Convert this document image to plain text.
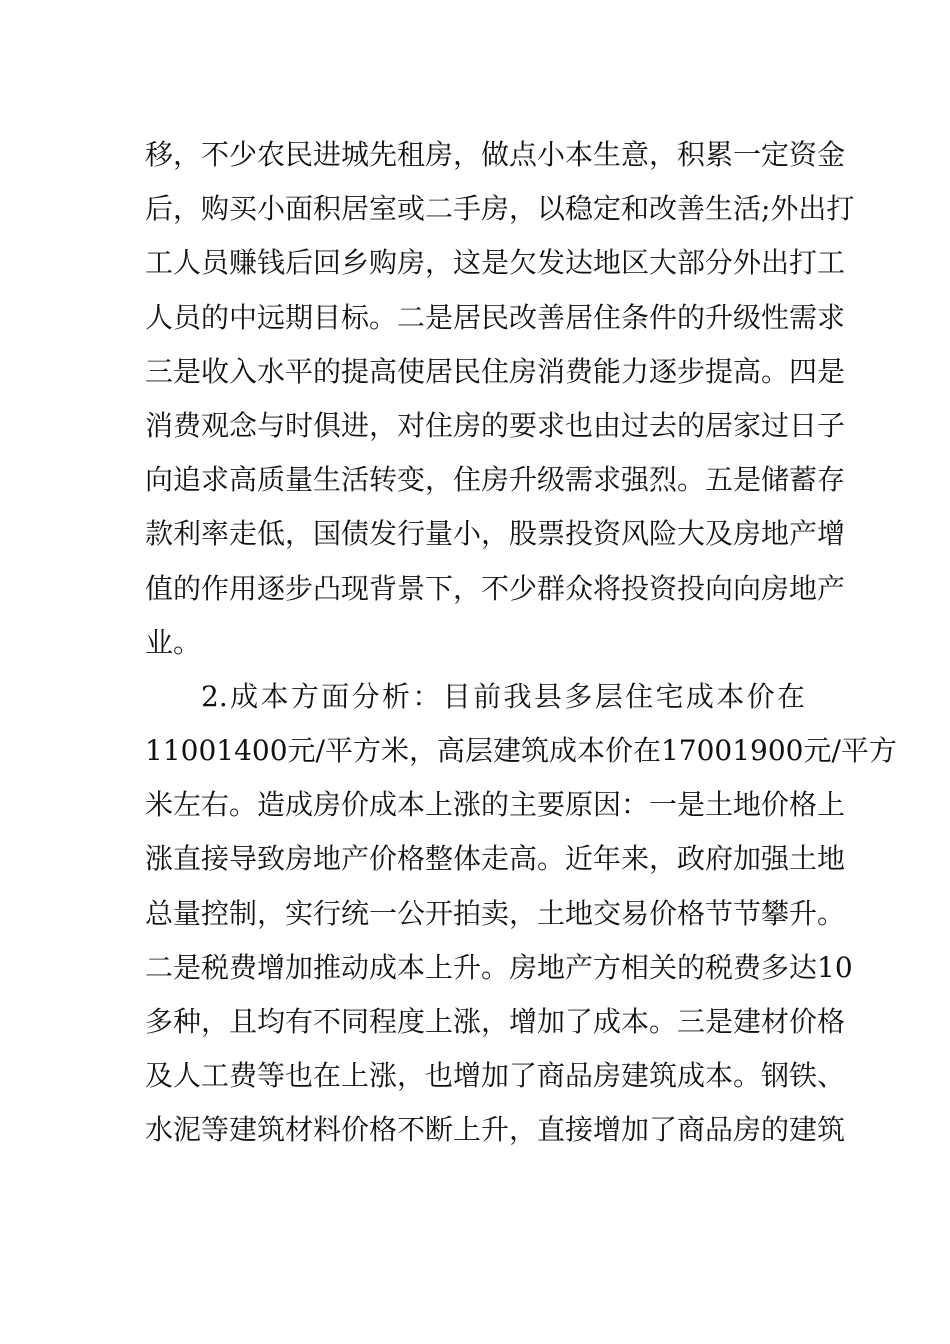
移，不少农民进城先租房，做点小本生意，积累一定资金
后，购买小面积居室或二手房，以稳定和改善生活;外出打
工人员赚钱后回乡购房，这是欠发达地区大部分外出打工
人员的中远期目标。二是居民改善居住条件的升级性需求
三是收入水平的提高使居民住房消费能力逐步提高。四是
消费观念与时俱进，对住房的要求也由过去的居家过日子
向追求高质量生活转变，住房升级需求强烈。五是储蓄存
款利率走低，国债发行量小，股票投资风险大及房地产增
值的作用逐步凸现背景下，不少群众将投资投向向房地产
业。
2.成本方面分析：目前我县多层住宅成本价在
11001400元/平方米，高层建筑成本价在17001900元/平方
米左右。造成房价成本上涨的主要原因：一是土地价格上
涨直接导致房地产价格整体走高。近年来，政府加强土地
总量控制，实行统一公开拍卖，土地交易价格节节攀升。
二是税费增加推动成本上升。房地产方相关的税费多达10
多种，且均有不同程度上涨，增加了成本。三是建材价格
及人工费等也在上涨，也增加了商品房建筑成本。钢铁、
水泥等建筑材料价格不断上升，直接增加了商品房的建筑
